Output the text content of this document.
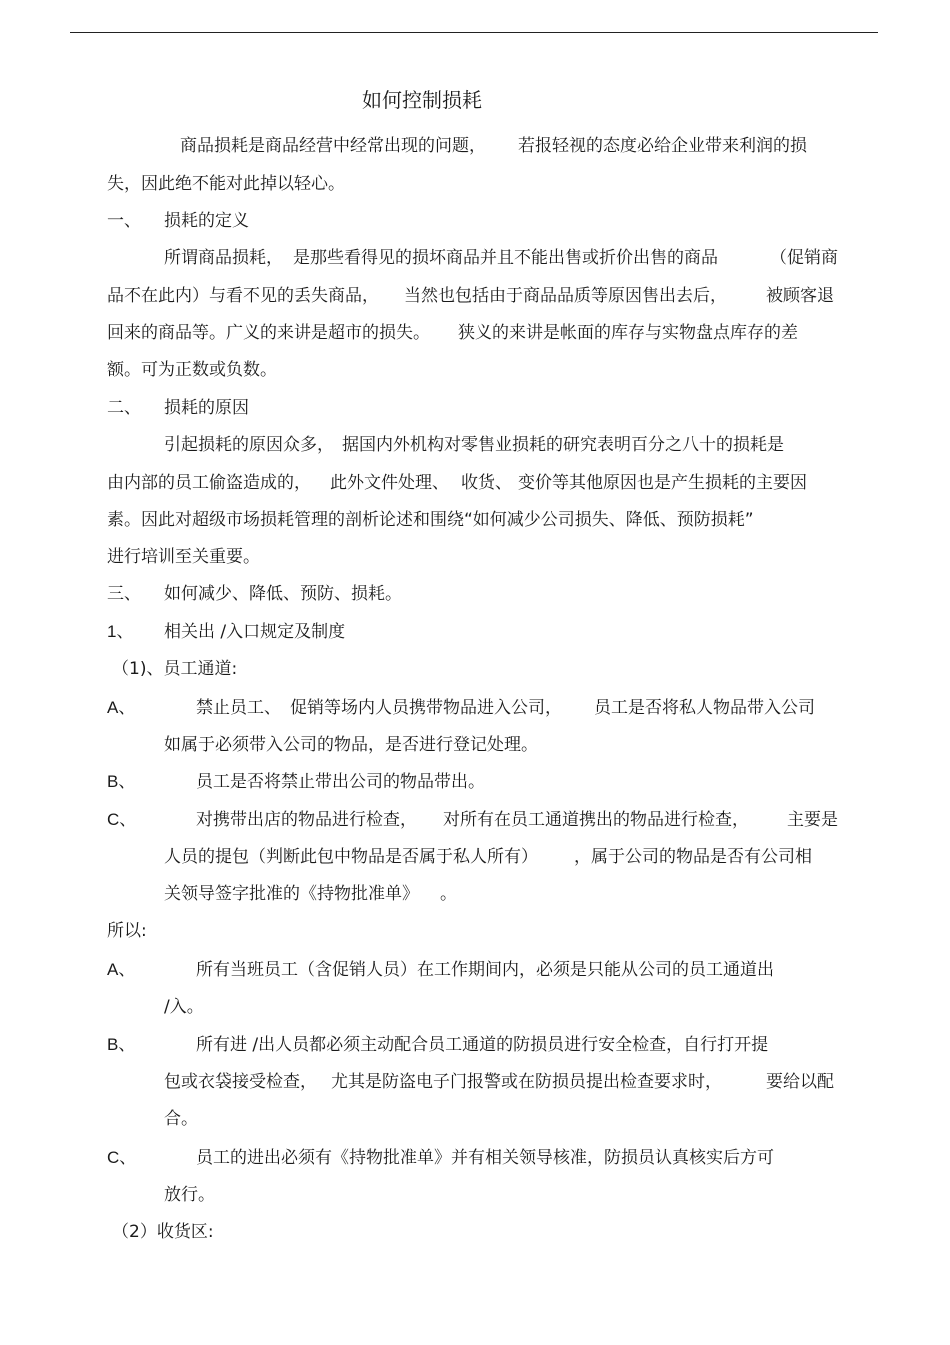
如何控制损耗
商品损耗是商品经营中经常出现的问题， 若报轻视的态度必给企业带来利润的损
失，因此绝不能对此掉以轻心。
一、 损耗的定义
所谓商品损耗， 是那些看得见的损坏商品并且不能出售或折价出售的商品	（促销商
品不在此内）与看不见的丢失商品， 当然也包括由于商品品质等原因售出去后， 被顾客退
回来的商品等。广义的来讲是超市的损失。 狭义的来讲是帐面的库存与实物盘点库存的差
额。可为正数或负数。
二、 损耗的原因
引起损耗的原因众多， 据国内外机构对零售业损耗的研究表明百分之八十的损耗是
由内部的员工偷盗造成的， 此外文件处理、 收货、 变价等其他原因也是产生损耗的主要因
素。因此对超级市场损耗管理的剖析论述和围绕“如何减少公司损失、降低、预防损耗”
进行培训至关重要。
三、 如何减少、降低、预防、损耗。
1、 相关出 /入口规定及制度
（1)、员工通道:
A、	禁止员工、 促销等场内人员携带物品进入公司， 员工是否将私人物品带入公司
如属于必须带入公司的物品，是否进行登记处理。
B、	员工是否将禁止带出公司的物品带出。
C、	对携带出店的物品进行检查， 对所有在员工通道携出的物品进行检查， 主要是
人员的提包（判断此包中物品是否属于私人所有） ，属于公司的物品是否有公司相
关领导签字批准的《持物批准单》 。
所以:
A、	所有当班员工（含促销人员）在工作期间内，必须是只能从公司的员工通道出
/入。
B、	所有进 /出人员都必须主动配合员工通道的防损员进行安全检查，自行打开提
包或衣袋接受检查， 尤其是防盗电子门报警或在防损员提出检查要求时，	要给以配
合。
C、	员工的进出必须有《持物批准单》并有相关领导核准，防损员认真核实后方可
放行。
（2）收货区:
